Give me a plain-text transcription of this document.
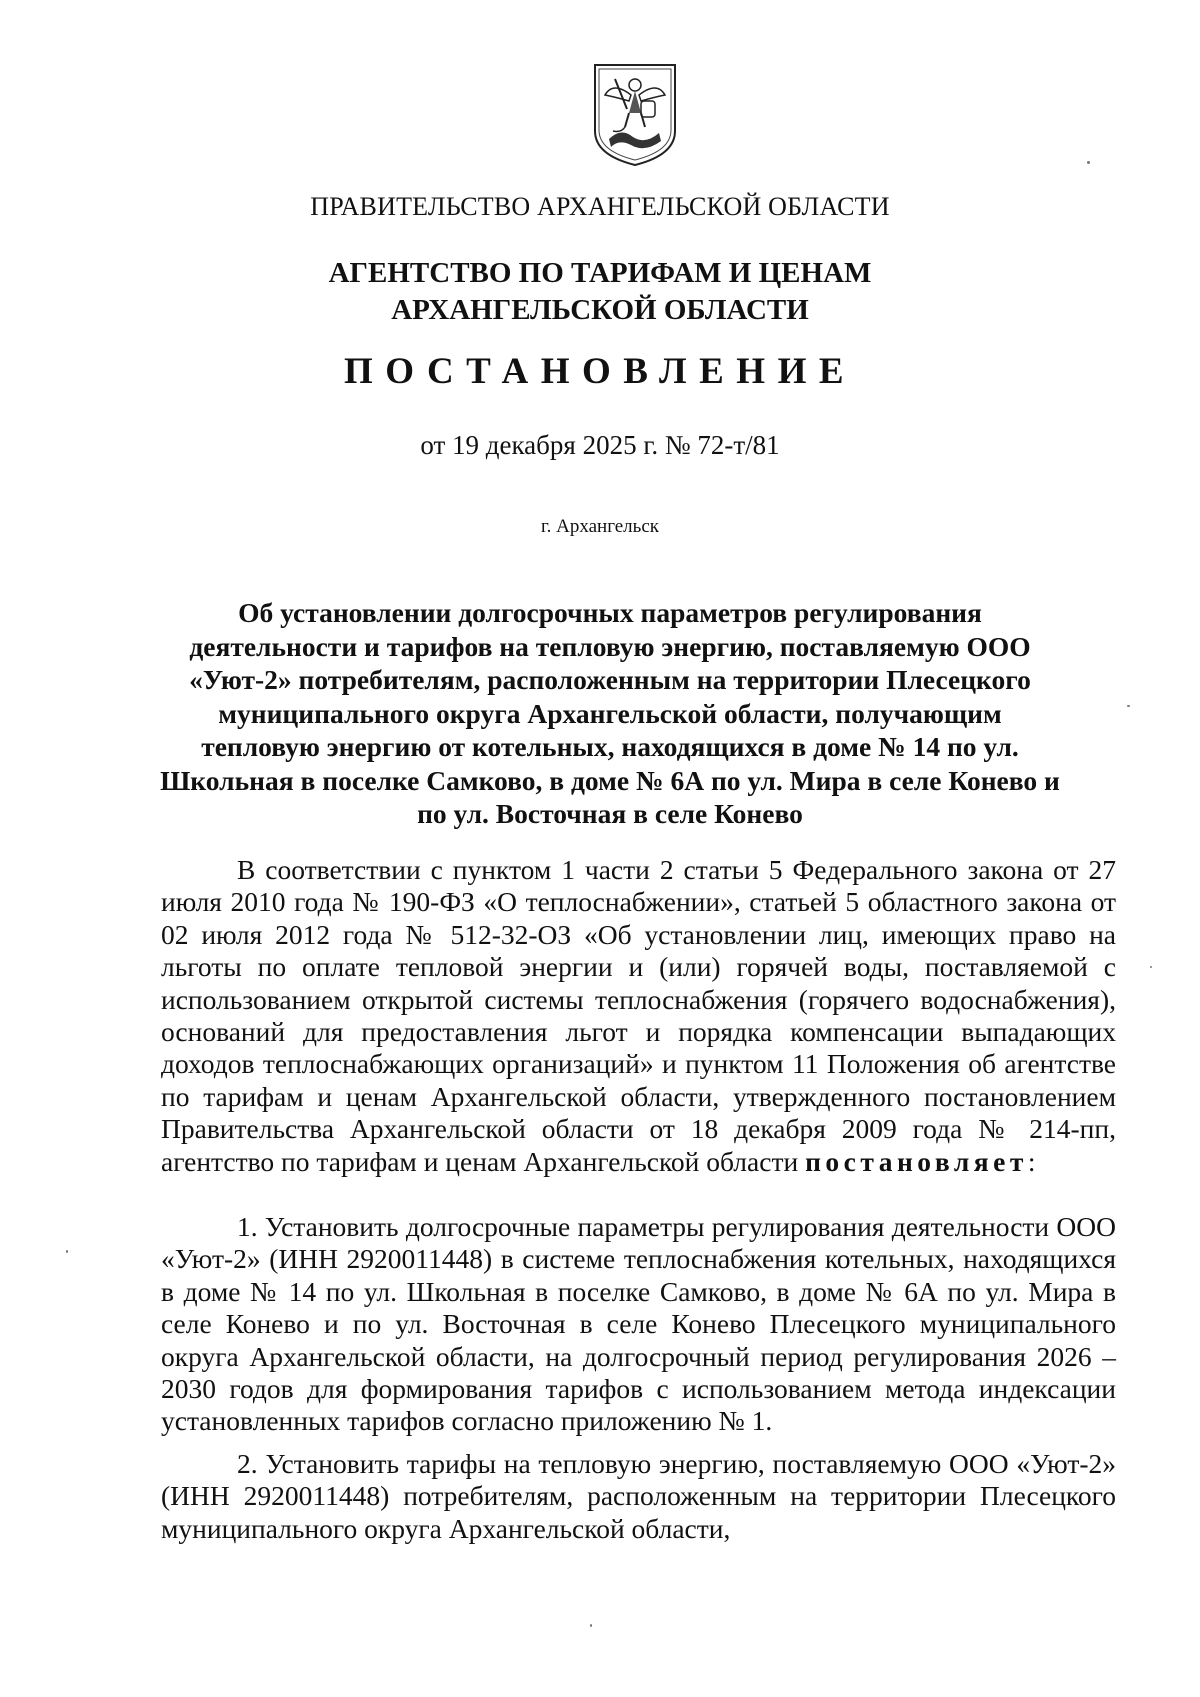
ПРАВИТЕЛЬСТВО АРХАНГЕЛЬСКОЙ ОБЛАСТИ
АГЕНТСТВО ПО ТАРИФАМ И ЦЕНАМ
АРХАНГЕЛЬСКОЙ ОБЛАСТИ
ПОСТАНОВЛЕНИЕ
от 19 декабря 2025 г. № 72-т/81
г. Архангельск
Об установлении долгосрочных параметров регулирования деятельности и тарифов на тепловую энергию, поставляемую ООО «Уют-2» потребителям, расположенным на территории Плесецкого муниципального округа Архангельской области, получающим тепловую энергию от котельных, находящихся в доме № 14 по ул. Школьная в поселке Самково, в доме № 6А по ул. Мира в селе Конево и по ул. Восточная в селе Конево
В соответствии с пунктом 1 части 2 статьи 5 Федерального закона от 27 июля 2010 года № 190-ФЗ «О теплоснабжении», статьей 5 областного закона от 02 июля 2012 года № 512-32-ОЗ «Об установлении лиц, имеющих право на льготы по оплате тепловой энергии и (или) горячей воды, поставляемой с использованием открытой системы теплоснабжения (горячего водоснабжения), оснований для предоставления льгот и порядка компенсации выпадающих доходов теплоснабжающих организаций» и пунктом 11 Положения об агентстве по тарифам и ценам Архангельской области, утвержденного постановлением Правительства Архангельской области от 18 декабря 2009 года № 214-пп, агентство по тарифам и ценам Архангельской области постановляет:
1. Установить долгосрочные параметры регулирования деятельности ООО «Уют-2» (ИНН 2920011448) в системе теплоснабжения котельных, находящихся в доме № 14 по ул. Школьная в поселке Самково, в доме № 6А по ул. Мира в селе Конево и по ул. Восточная в селе Конево Плесецкого муниципального округа Архангельской области, на долгосрочный период регулирования 2026 – 2030 годов для формирования тарифов с использованием метода индексации установленных тарифов согласно приложению № 1.
2. Установить тарифы на тепловую энергию, поставляемую ООО «Уют-2» (ИНН 2920011448) потребителям, расположенным на территории Плесецкого муниципального округа Архангельской области,
